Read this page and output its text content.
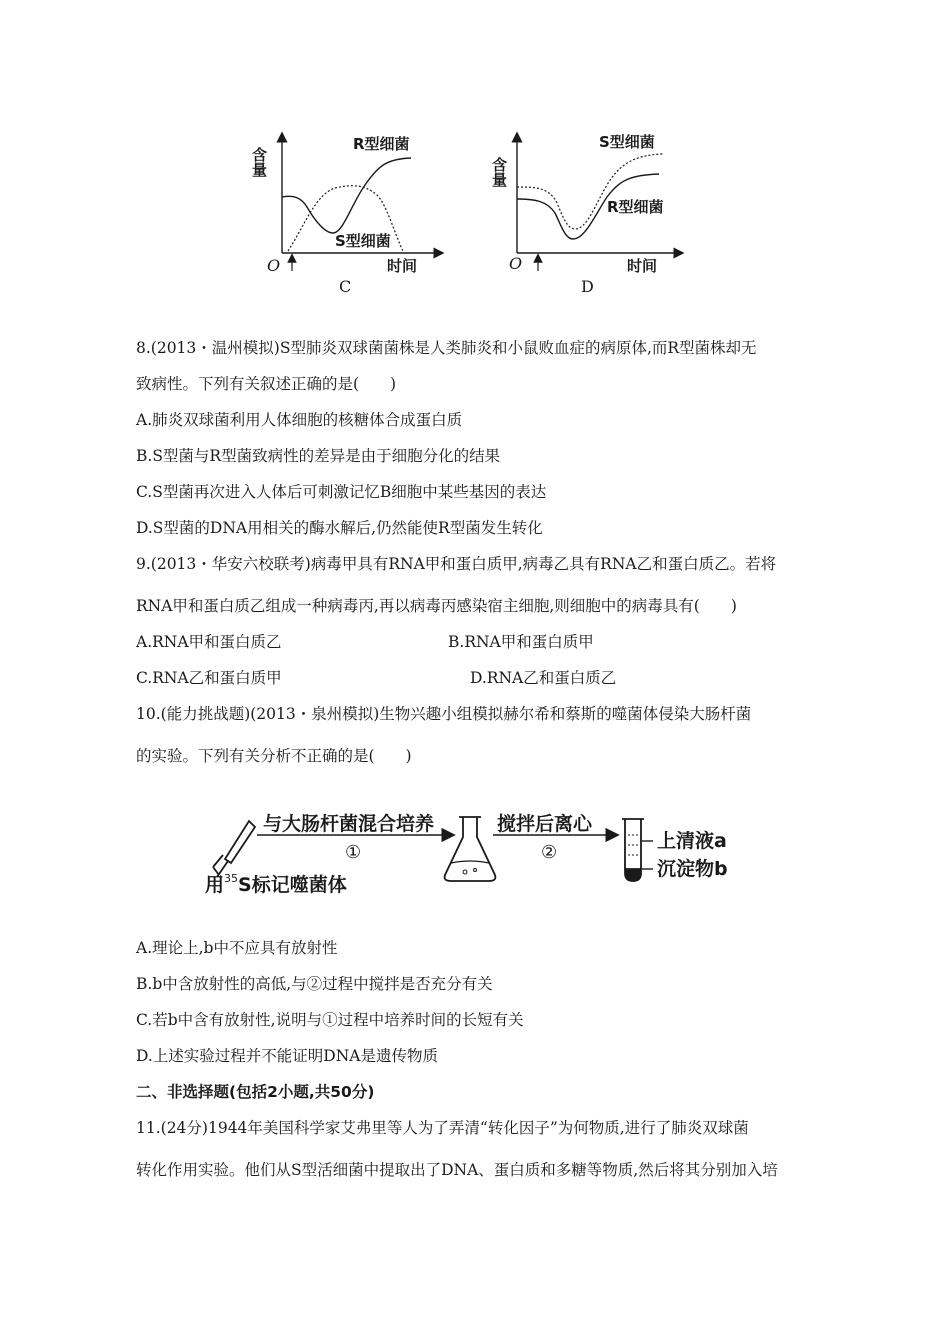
含量
时间
O
R型细菌
S型细菌
C
含量
时间
O
S型细菌
R型细菌
D
8.(2013・温州模拟)S型肺炎双球菌菌株是人类肺炎和小鼠败血症的病原体,而R型菌株却无
致病性。下列有关叙述正确的是(　　)
A.肺炎双球菌利用人体细胞的核糖体合成蛋白质
B.S型菌与R型菌致病性的差异是由于细胞分化的结果
C.S型菌再次进入人体后可刺激记忆B细胞中某些基因的表达
D.S型菌的DNA用相关的酶水解后,仍然能使R型菌发生转化
9.(2013・华安六校联考)病毒甲具有RNA甲和蛋白质甲,病毒乙具有RNA乙和蛋白质乙。若将
RNA甲和蛋白质乙组成一种病毒丙,再以病毒丙感染宿主细胞,则细胞中的病毒具有(　　)
A.RNA甲和蛋白质乙	B.RNA甲和蛋白质甲
C.RNA乙和蛋白质甲	D.RNA乙和蛋白质乙
10.(能力挑战题)(2013・泉州模拟)生物兴趣小组模拟赫尔希和蔡斯的噬菌体侵染大肠杆菌
的实验。下列有关分析不正确的是(　　)
与大肠杆菌混合培养
①
搅拌后离心
②
上清液a
沉淀物b
用$^{35}$S标记噬菌体
A.理论上,b中不应具有放射性
B.b中含放射性的高低,与②过程中搅拌是否充分有关
C.若b中含有放射性,说明与①过程中培养时间的长短有关
D.上述实验过程并不能证明DNA是遗传物质
二、非选择题(包括2小题,共50分)
11.(24分)1944年美国科学家艾弗里等人为了弄清“转化因子”为何物质,进行了肺炎双球菌
转化作用实验。他们从S型活细菌中提取出了DNA、蛋白质和多糖等物质,然后将其分别加入培
